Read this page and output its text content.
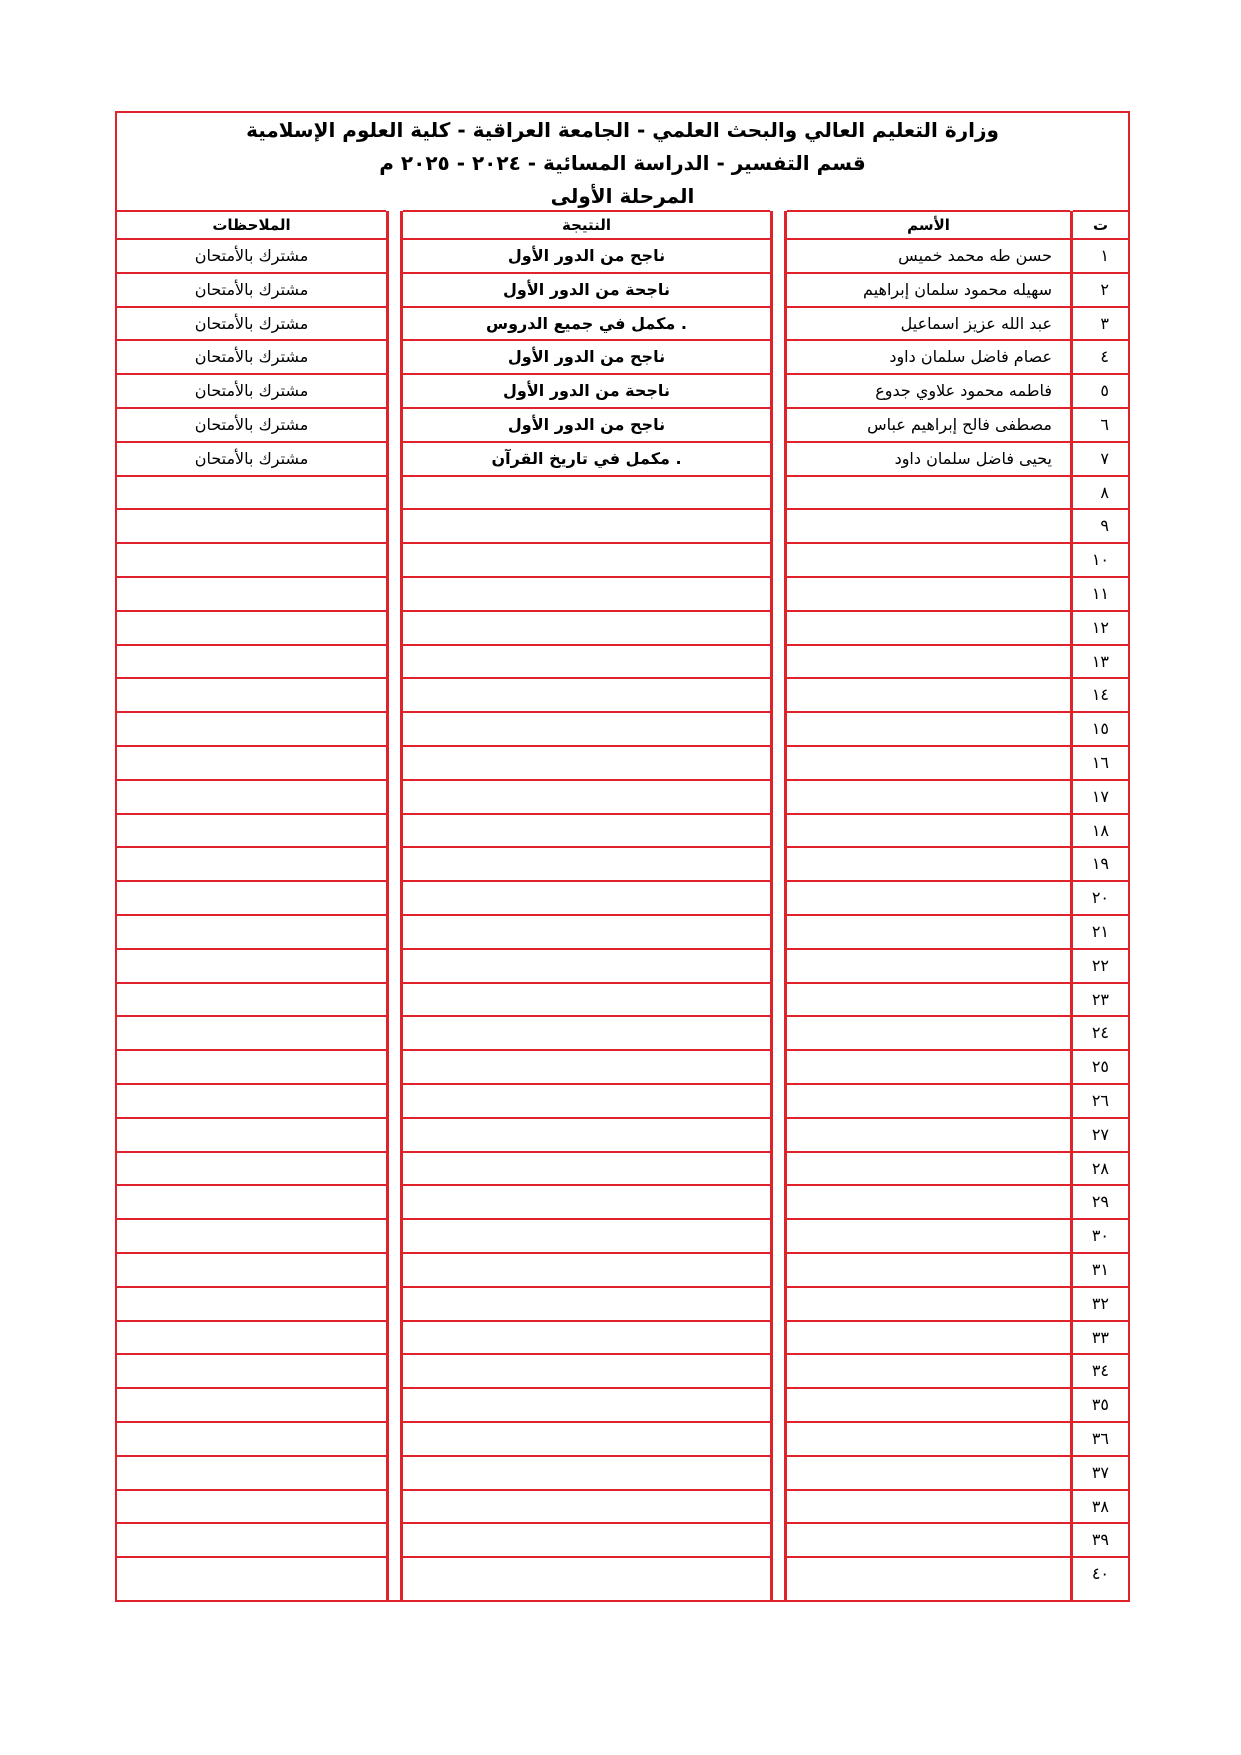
وزارة التعليم العالي والبحث العلمي - الجامعة العراقية - كلية العلوم الإسلامية
قسم التفسير - الدراسة المسائية - ٢٠٢٤ - ٢٠٢٥ م
المرحلة الأولى
ت
الأسم
النتيجة
الملاحظات
١
حسن طه محمد خميس
ناجح من الدور الأول
مشترك بالأمتحان
٢
سهيله محمود سلمان إبراهيم
ناجحة من الدور الأول
مشترك بالأمتحان
٣
عبد الله عزيز اسماعيل
مكمل في جميع الدروس .
مشترك بالأمتحان
٤
عصام فاضل سلمان داود
ناجح من الدور الأول
مشترك بالأمتحان
٥
فاطمه محمود علاوي جدوع
ناجحة من الدور الأول
مشترك بالأمتحان
٦
مصطفى فالح إبراهيم عباس
ناجح من الدور الأول
مشترك بالأمتحان
٧
يحيى فاضل سلمان داود
مكمل في تاريخ القرآن .
مشترك بالأمتحان
٨
٩
١٠
١١
١٢
١٣
١٤
١٥
١٦
١٧
١٨
١٩
٢٠
٢١
٢٢
٢٣
٢٤
٢٥
٢٦
٢٧
٢٨
٢٩
٣٠
٣١
٣٢
٣٣
٣٤
٣٥
٣٦
٣٧
٣٨
٣٩
٤٠
